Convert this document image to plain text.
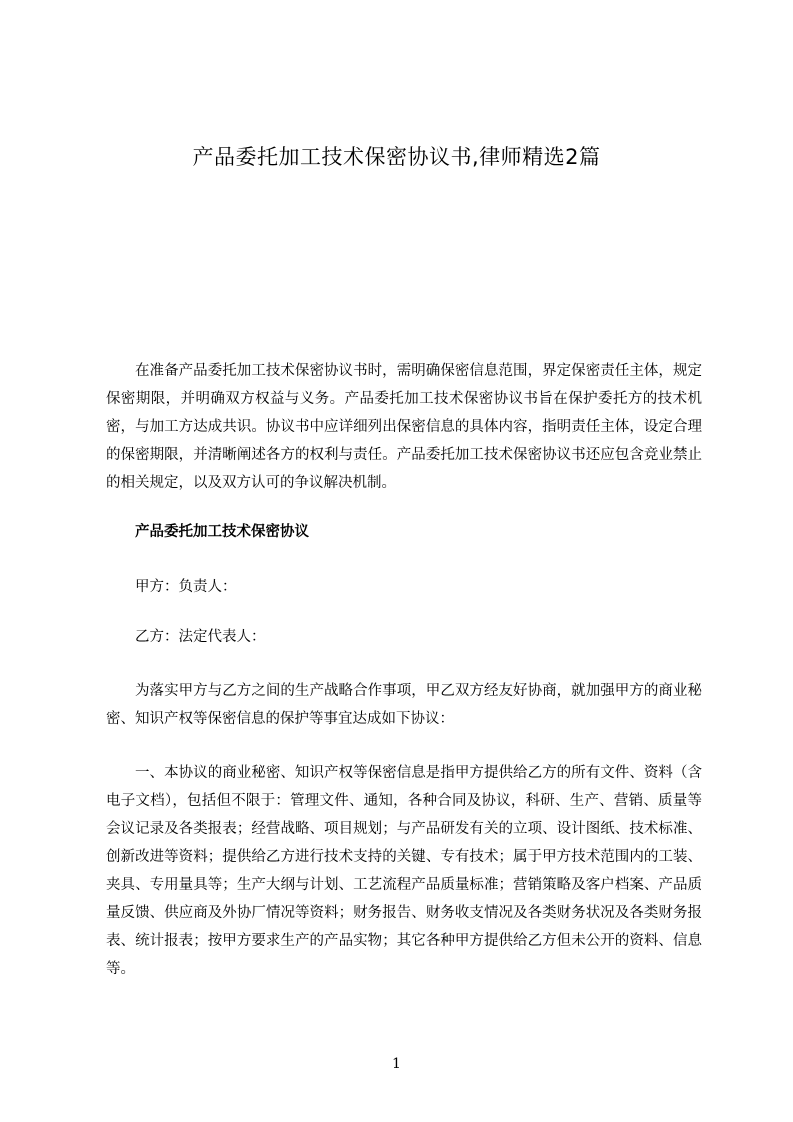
产品委托加工技术保密协议书,律师精选2篇

在准备产品委托加工技术保密协议书时，需明确保密信息范围，界定保密责任主体，规定保密期限，并明确双方权益与义务。产品委托加工技术保密协议书旨在保护委托方的技术机密，与加工方达成共识。协议书中应详细列出保密信息的具体内容，指明责任主体，设定合理的保密期限，并清晰阐述各方的权利与责任。产品委托加工技术保密协议书还应包含竞业禁止的相关规定，以及双方认可的争议解决机制。

产品委托加工技术保密协议

甲方：负责人：

乙方：法定代表人：

为落实甲方与乙方之间的生产战略合作事项，甲乙双方经友好协商，就加强甲方的商业秘密、知识产权等保密信息的保护等事宜达成如下协议：

一、本协议的商业秘密、知识产权等保密信息是指甲方提供给乙方的所有文件、资料（含电子文档），包括但不限于：管理文件、通知，各种合同及协议，科研、生产、营销、质量等会议记录及各类报表；经营战略、项目规划；与产品研发有关的立项、设计图纸、技术标准、创新改进等资料；提供给乙方进行技术支持的关键、专有技术；属于甲方技术范围内的工装、夹具、专用量具等；生产大纲与计划、工艺流程产品质量标准；营销策略及客户档案、产品质量反馈、供应商及外协厂情况等资料；财务报告、财务收支情况及各类财务状况及各类财务报表、统计报表；按甲方要求生产的产品实物；其它各种甲方提供给乙方但未公开的资料、信息等。

1
